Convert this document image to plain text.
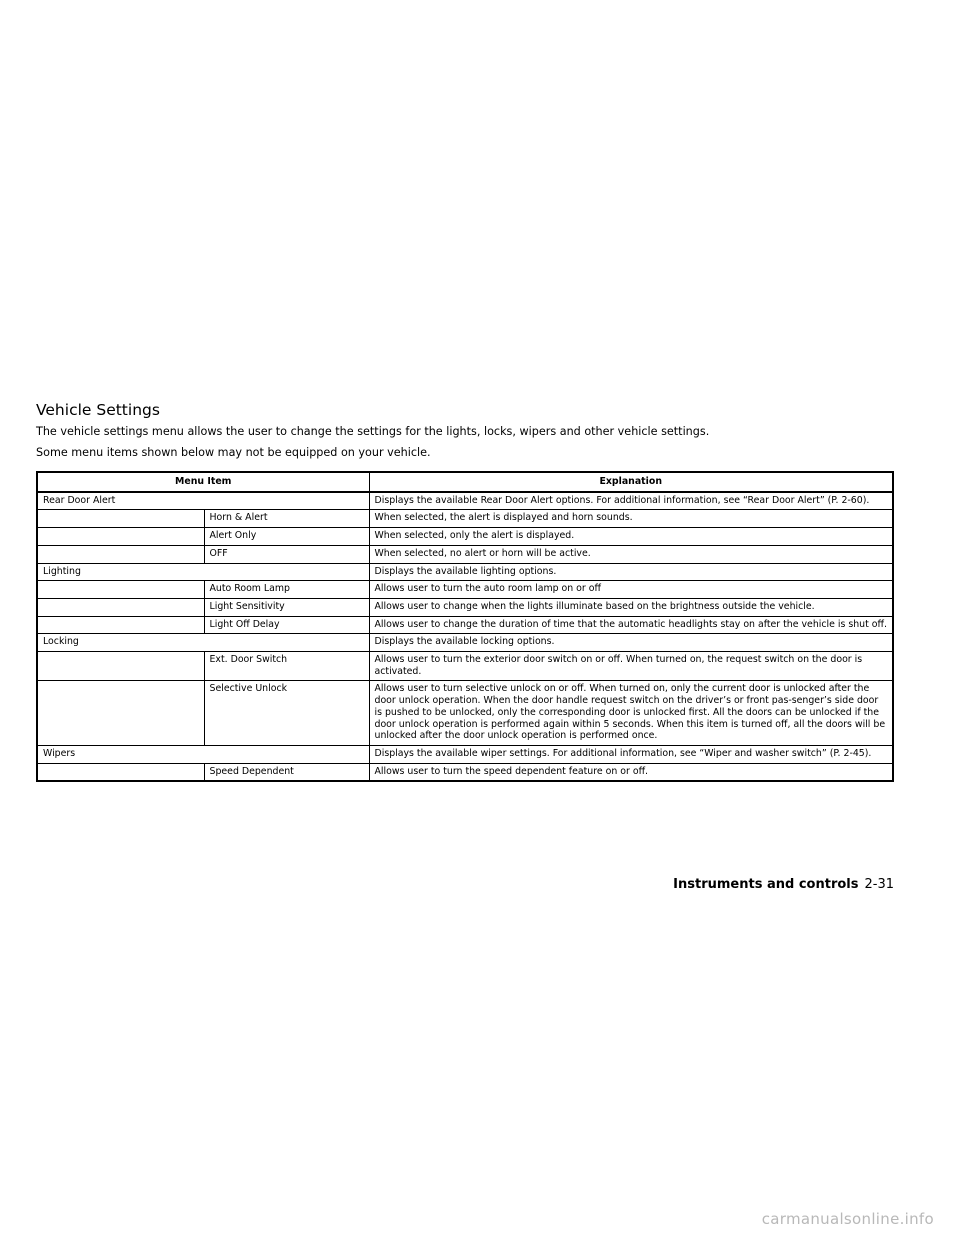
Vehicle Settings

The vehicle settings menu allows the user to change the settings for the lights, locks, wipers and other vehicle settings.

Some menu items shown below may not be equipped on your vehicle.

Menu Item		Explanation
Rear Door Alert		Displays the available Rear Door Alert options. For additional information, see “Rear Door Alert” (P. 2-60).
	Horn & Alert	When selected, the alert is displayed and horn sounds.
	Alert Only	When selected, only the alert is displayed.
	OFF	When selected, no alert or horn will be active.
Lighting		Displays the available lighting options.
	Auto Room Lamp	Allows user to turn the auto room lamp on or off
	Light Sensitivity	Allows user to change when the lights illuminate based on the brightness outside the vehicle.
	Light Off Delay	Allows user to change the duration of time that the automatic headlights stay on after the vehicle is shut off.
Locking		Displays the available locking options.
	Ext. Door Switch	Allows user to turn the exterior door switch on or off. When turned on, the request switch on the door is activated.
	Selective Unlock	Allows user to turn selective unlock on or off. When turned on, only the current door is unlocked after the door unlock operation. When the door handle request switch on the driver’s or front pas-senger’s side door is pushed to be unlocked, only the corresponding door is unlocked first. All the doors can be unlocked if the door unlock operation is performed again within 5 seconds. When this item is turned off, all the doors will be unlocked after the door unlock operation is performed once.
Wipers		Displays the available wiper settings. For additional information, see “Wiper and washer switch” (P. 2-45).
	Speed Dependent	Allows user to turn the speed dependent feature on or off.
Instruments and controls 2-31
carmanualsonline.info
